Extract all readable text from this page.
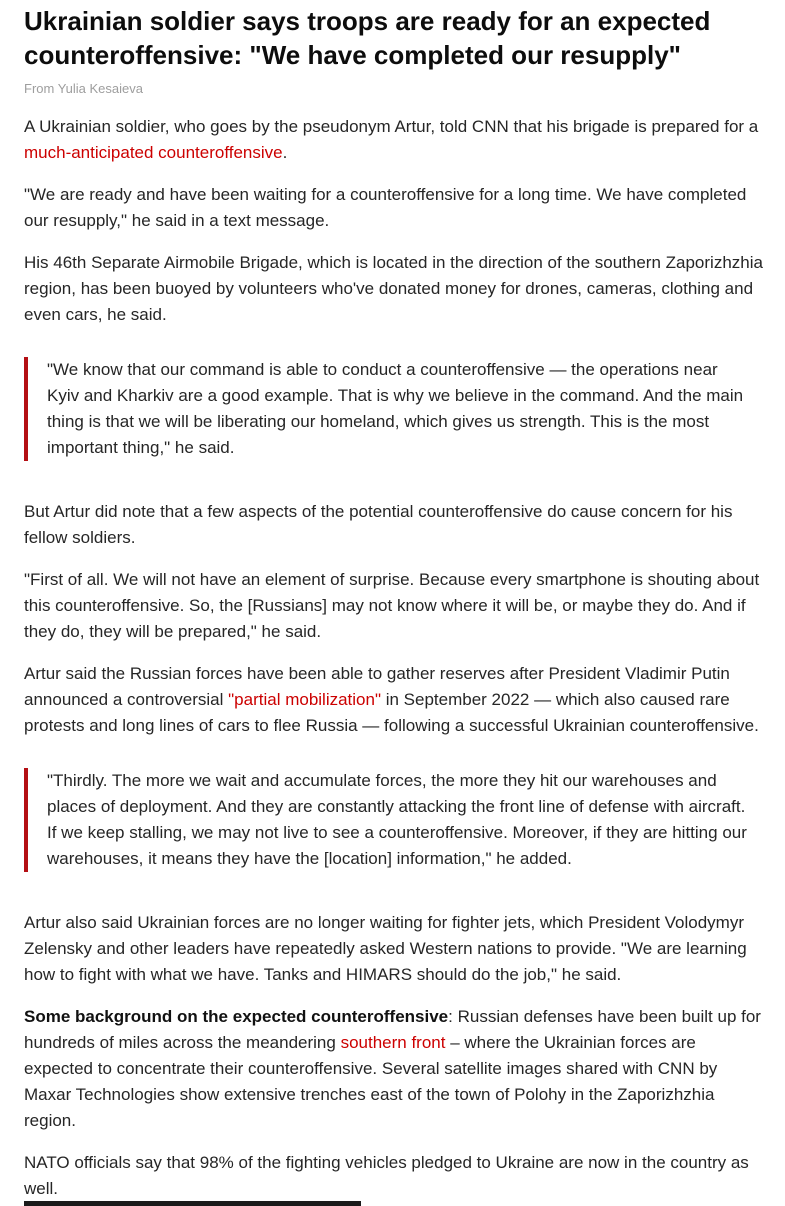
Ukrainian soldier says troops are ready for an expected counteroffensive: "We have completed our resupply"
From Yulia Kesaieva

A Ukrainian soldier, who goes by the pseudonym Artur, told CNN that his brigade is prepared for a much-anticipated counteroffensive.

"We are ready and have been waiting for a counteroffensive for a long time. We have completed our resupply," he said in a text message.

His 46th Separate Airmobile Brigade, which is located in the direction of the southern Zaporizhzhia region, has been buoyed by volunteers who've donated money for drones, cameras, clothing and even cars, he said.

"We know that our command is able to conduct a counteroffensive — the operations near Kyiv and Kharkiv are a good example. That is why we believe in the command. And the main thing is that we will be liberating our homeland, which gives us strength. This is the most important thing," he said.

But Artur did note that a few aspects of the potential counteroffensive do cause concern for his fellow soldiers.

"First of all. We will not have an element of surprise. Because every smartphone is shouting about this counteroffensive. So, the [Russians] may not know where it will be, or maybe they do. And if they do, they will be prepared," he said.

Artur said the Russian forces have been able to gather reserves after President Vladimir Putin announced a controversial "partial mobilization" in September 2022 — which also caused rare protests and long lines of cars to flee Russia — following a successful Ukrainian counteroffensive.

"Thirdly. The more we wait and accumulate forces, the more they hit our warehouses and places of deployment. And they are constantly attacking the front line of defense with aircraft. If we keep stalling, we may not live to see a counteroffensive. Moreover, if they are hitting our warehouses, it means they have the [location] information," he added.

Artur also said Ukrainian forces are no longer waiting for fighter jets, which President Volodymyr Zelensky and other leaders have repeatedly asked Western nations to provide. "We are learning how to fight with what we have. Tanks and HIMARS should do the job," he said.

Some background on the expected counteroffensive: Russian defenses have been built up for hundreds of miles across the meandering southern front – where the Ukrainian forces are expected to concentrate their counteroffensive. Several satellite images shared with CNN by Maxar Technologies show extensive trenches east of the town of Polohy in the Zaporizhzhia region.

NATO officials say that 98% of the fighting vehicles pledged to Ukraine are now in the country as well.
